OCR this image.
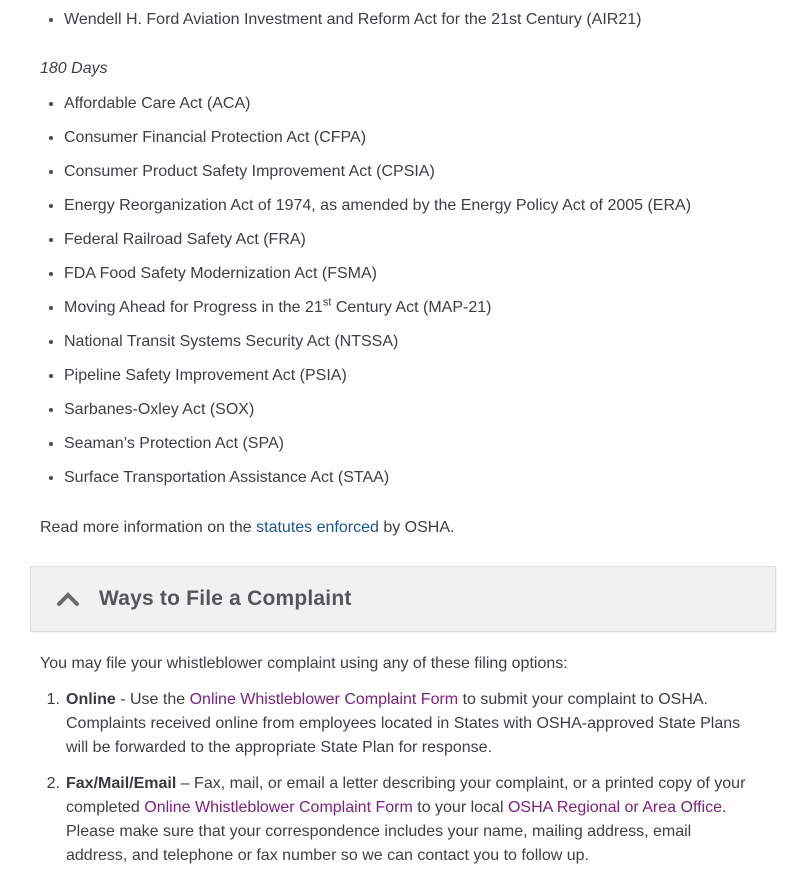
• Wendell H. Ford Aviation Investment and Reform Act for the 21st Century (AIR21)

180 Days

• Affordable Care Act (ACA)
• Consumer Financial Protection Act (CFPA)
• Consumer Product Safety Improvement Act (CPSIA)
• Energy Reorganization Act of 1974, as amended by the Energy Policy Act of 2005 (ERA)
• Federal Railroad Safety Act (FRA)
• FDA Food Safety Modernization Act (FSMA)
• Moving Ahead for Progress in the 21st Century Act (MAP-21)
• National Transit Systems Security Act (NTSSA)
• Pipeline Safety Improvement Act (PSIA)
• Sarbanes-Oxley Act (SOX)
• Seaman’s Protection Act (SPA)
• Surface Transportation Assistance Act (STAA)

Read more information on the statutes enforced by OSHA.

Ways to File a Complaint

You may file your whistleblower complaint using any of these filing options:

1. Online - Use the Online Whistleblower Complaint Form to submit your complaint to OSHA. Complaints received online from employees located in States with OSHA-approved State Plans will be forwarded to the appropriate State Plan for response.
2. Fax/Mail/Email – Fax, mail, or email a letter describing your complaint, or a printed copy of your completed Online Whistleblower Complaint Form to your local OSHA Regional or Area Office. Please make sure that your correspondence includes your name, mailing address, email address, and telephone or fax number so we can contact you to follow up.
